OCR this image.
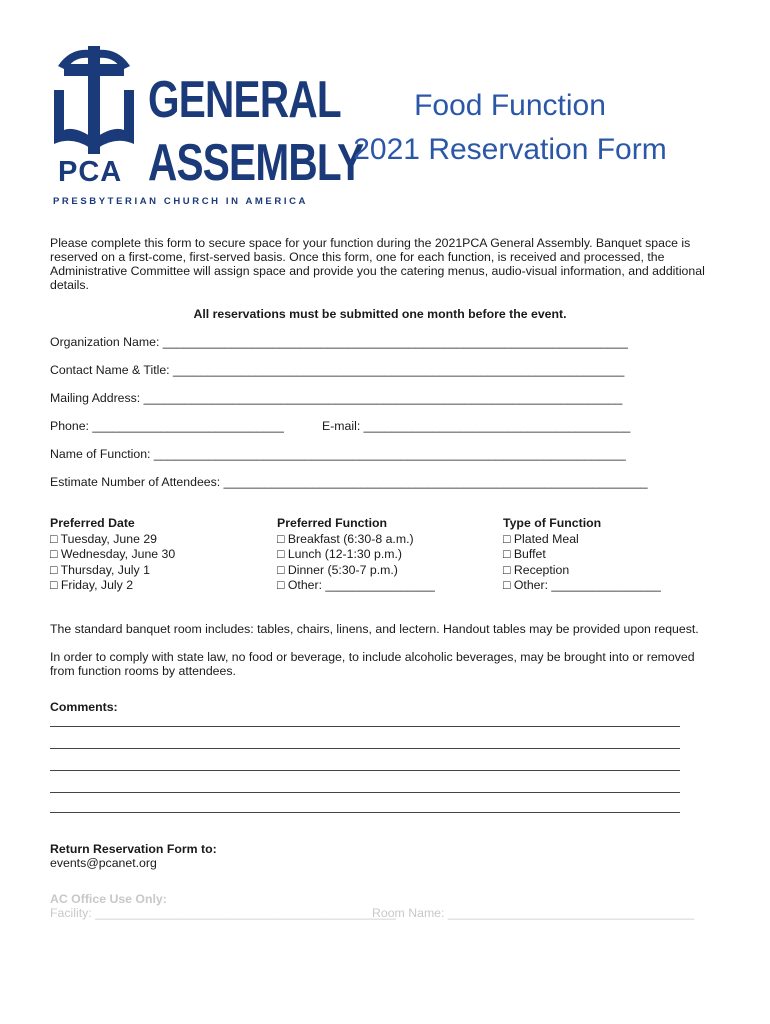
GENERAL
ASSEMBLY
PCA
PRESBYTERIAN CHURCH IN AMERICA
Food Function
2021 Reservation Form
Please complete this form to secure space for your function during the 2021PCA General Assembly. Banquet space is reserved on a first-come, first-served basis. Once this form, one for each function, is received and processed, the Administrative Committee will assign space and provide you the catering menus, audio-visual information, and additional details.
All reservations must be submitted one month before the event.
Organization Name: ____________________________________________________________________
Contact Name & Title: __________________________________________________________________
Mailing Address: ______________________________________________________________________
Phone: ____________________________	E-mail: _______________________________________
Name of Function: _____________________________________________________________________
Estimate Number of Attendees: ______________________________________________________________
Preferred Date
□ Tuesday, June 29
□ Wednesday, June 30
□ Thursday, July 1
□ Friday, July 2
Preferred Function
□ Breakfast (6:30-8 a.m.)
□ Lunch (12-1:30 p.m.)
□ Dinner (5:30-7 p.m.)
□ Other: ________________
Type of Function
□ Plated Meal
□ Buffet
□ Reception
□ Other: ________________
The standard banquet room includes: tables, chairs, linens, and lectern. Handout tables may be provided upon request.
In order to comply with state law, no food or beverage, to include alcoholic beverages, may be brought into or removed from function rooms by attendees.
Comments:
Return Reservation Form to:
events@pcanet.org
AC Office Use Only:
Facility: ____________________________________________
Room Name: ____________________________________
